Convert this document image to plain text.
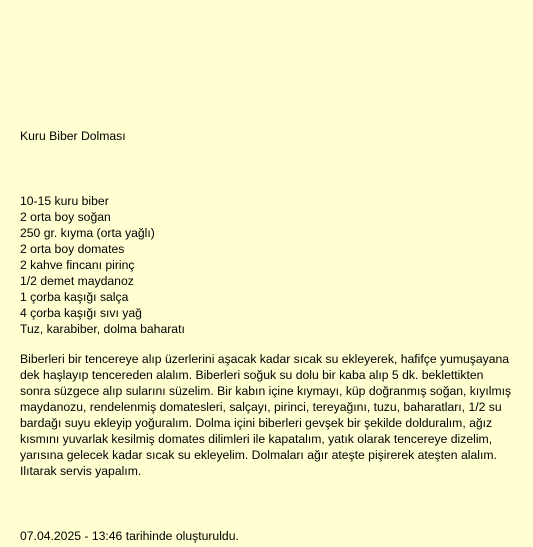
Kuru Biber Dolması
10-15 kuru biber
2 orta boy soğan
250 gr. kıyma (orta yağlı)
2 orta boy domates
2 kahve fincanı pirinç
1/2 demet maydanoz
1 çorba kaşığı salça
4 çorba kaşığı sıvı yağ
Tuz, karabiber, dolma baharatı

Biberleri bir tencereye alıp üzerlerini aşacak kadar sıcak su ekleyerek, hafifçe yumuşayana dek haşlayıp tencereden alalım. Biberleri soğuk su dolu bir kaba alıp 5 dk. beklettikten sonra süzgece alıp sularını süzelim. Bir kabın içine kıymayı, küp doğranmış soğan, kıyılmış maydanozu, rendelenmiş domatesleri, salçayı, pirinci, tereyağını, tuzu, baharatları, 1/2 su bardağı suyu ekleyip yoğuralım. Dolma içini biberleri gevşek bir şekilde dolduralım, ağız kısmını yuvarlak kesilmiş domates dilimleri ile kapatalım, yatık olarak tencereye dizelim, yarısına gelecek kadar sıcak su ekleyelim. Dolmaları ağır ateşte pişirerek ateşten alalım. Ilıtarak servis yapalım.

07.04.2025 - 13:46 tarihinde oluşturuldu.
